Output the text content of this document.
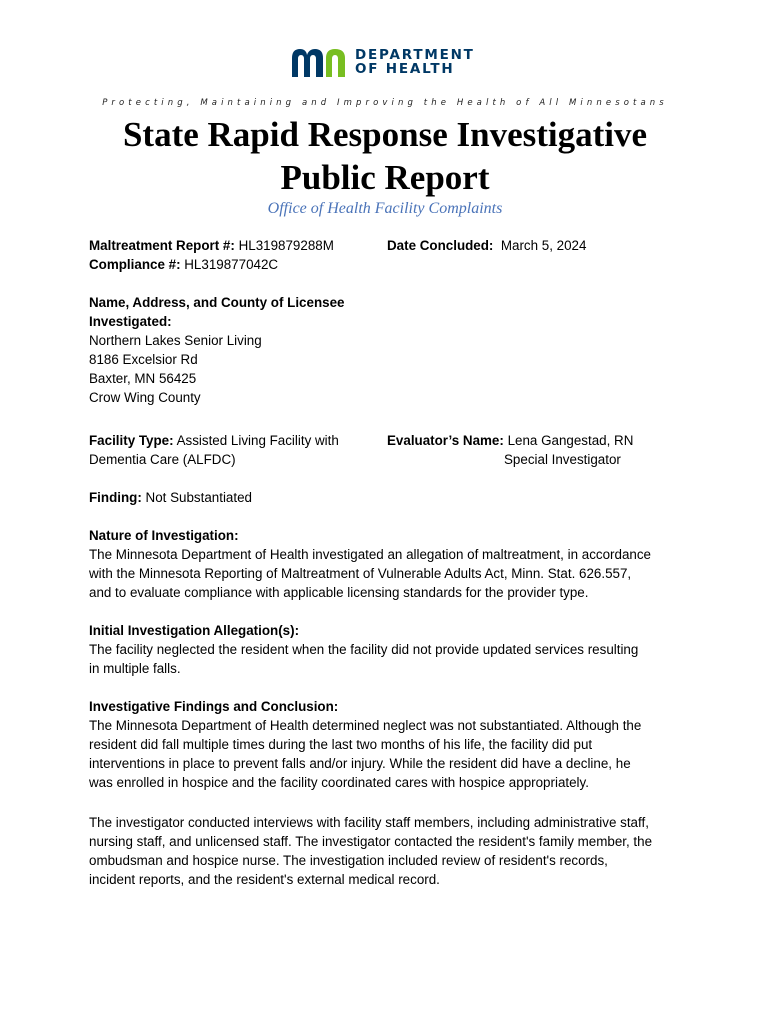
DEPARTMENT
OF HEALTH
Protecting, Maintaining and Improving the Health of All Minnesotans
State Rapid Response Investigative
Public Report
Office of Health Facility Complaints

Maltreatment Report #: HL319879288M

Compliance #: HL319877042C

Date Concluded: March 5, 2024

Name, Address, and County of Licensee

Investigated:

Northern Lakes Senior Living

8186 Excelsior Rd

Baxter, MN 56425

Crow Wing County

Facility Type: Assisted Living Facility with

Dementia Care (ALFDC)

Evaluator’s Name: Lena Gangestad, RN

Special Investigator

Finding: Not Substantiated

Nature of Investigation:

The Minnesota Department of Health investigated an allegation of maltreatment, in accordance

with the Minnesota Reporting of Maltreatment of Vulnerable Adults Act, Minn. Stat. 626.557,

and to evaluate compliance with applicable licensing standards for the provider type.

Initial Investigation Allegation(s):

The facility neglected the resident when the facility did not provide updated services resulting

in multiple falls.

Investigative Findings and Conclusion:

The Minnesota Department of Health determined neglect was not substantiated. Although the

resident did fall multiple times during the last two months of his life, the facility did put

interventions in place to prevent falls and/or injury. While the resident did have a decline, he

was enrolled in hospice and the facility coordinated cares with hospice appropriately.

The investigator conducted interviews with facility staff members, including administrative staff,

nursing staff, and unlicensed staff. The investigator contacted the resident's family member, the

ombudsman and hospice nurse. The investigation included review of resident's records,

incident reports, and the resident's external medical record.
